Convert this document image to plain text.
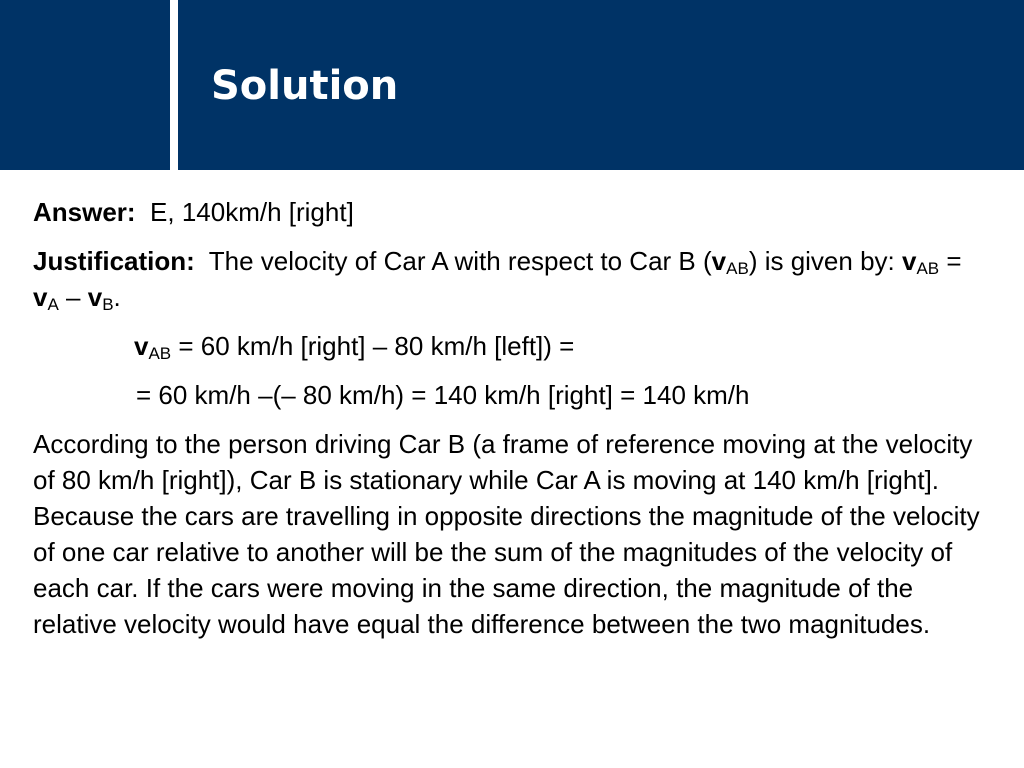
Solution

Answer: E, 140km/h [right]

Justification: The velocity of Car A with respect to Car B $(v_{AB})$ is given by: $v_{AB} = v_A - v_B$.

$v_{AB} = 60$ km/h [right] – 80 km/h [left]) =

= 60 km/h –(– 80 km/h) = 140 km/h [right] = 140 km/h

According to the person driving Car B (a frame of reference moving at the velocity of 80 km/h [right]), Car B is stationary while Car A is moving at 140 km/h [right]. Because the cars are travelling in opposite directions the magnitude of the velocity of one car relative to another will be the sum of the magnitudes of the velocity of each car. If the cars were moving in the same direction, the magnitude of the relative velocity would have equal the difference between the two magnitudes.
